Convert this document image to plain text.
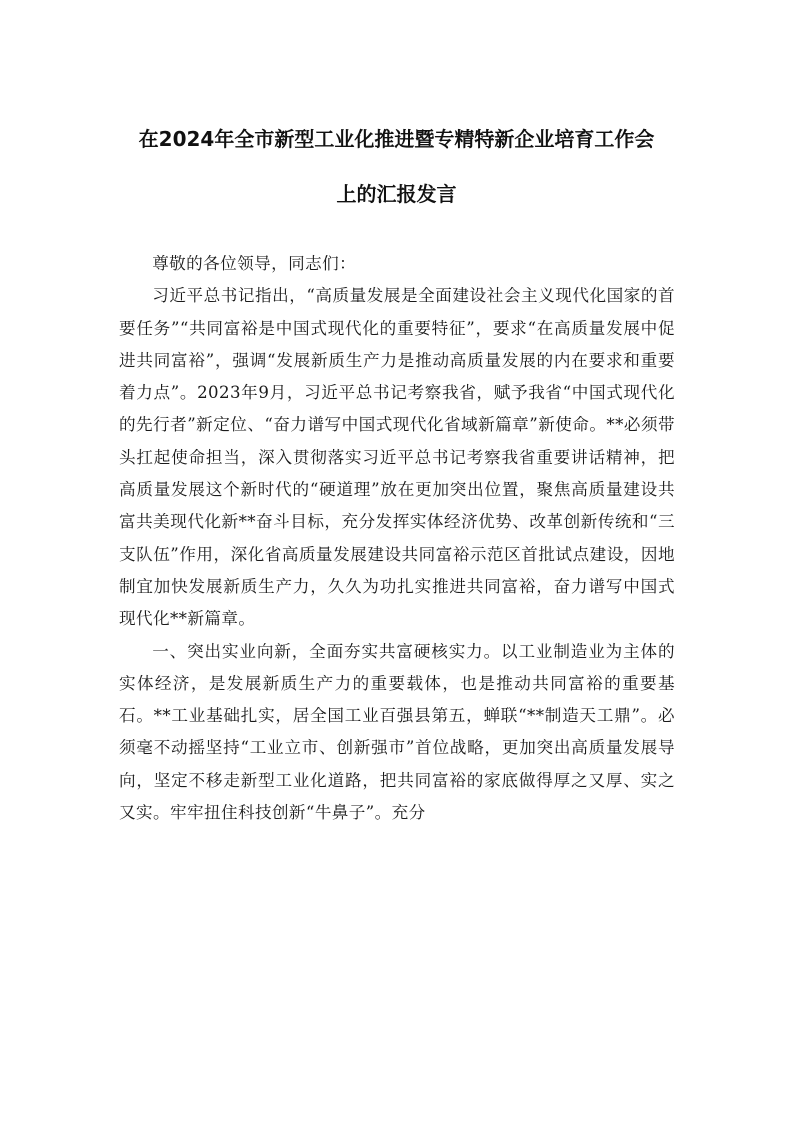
在2024年全市新型工业化推进暨专精特新企业培育工作会
上的汇报发言

尊敬的各位领导，同志们：

习近平总书记指出，“高质量发展是全面建设社会主义现代化国家的首要任务”“共同富裕是中国式现代化的重要特征”，要求“在高质量发展中促进共同富裕”，强调“发展新质生产力是推动高质量发展的内在要求和重要着力点”。2023年9月，习近平总书记考察我省，赋予我省“中国式现代化的先行者”新定位、“奋力谱写中国式现代化省域新篇章”新使命。**必须带头扛起使命担当，深入贯彻落实习近平总书记考察我省重要讲话精神，把高质量发展这个新时代的“硬道理”放在更加突出位置，聚焦高质量建设共富共美现代化新**奋斗目标，充分发挥实体经济优势、改革创新传统和“三支队伍”作用，深化省高质量发展建设共同富裕示范区首批试点建设，因地制宜加快发展新质生产力，久久为功扎实推进共同富裕，奋力谱写中国式现代化**新篇章。

一、突出实业向新，全面夯实共富硬核实力。以工业制造业为主体的实体经济，是发展新质生产力的重要载体，也是推动共同富裕的重要基石。**工业基础扎实，居全国工业百强县第五，蝉联“**制造天工鼎”。必须毫不动摇坚持“工业立市、创新强市”首位战略，更加突出高质量发展导向，坚定不移走新型工业化道路，把共同富裕的家底做得厚之又厚、实之又实。牢牢扭住科技创新“牛鼻子”。充分
